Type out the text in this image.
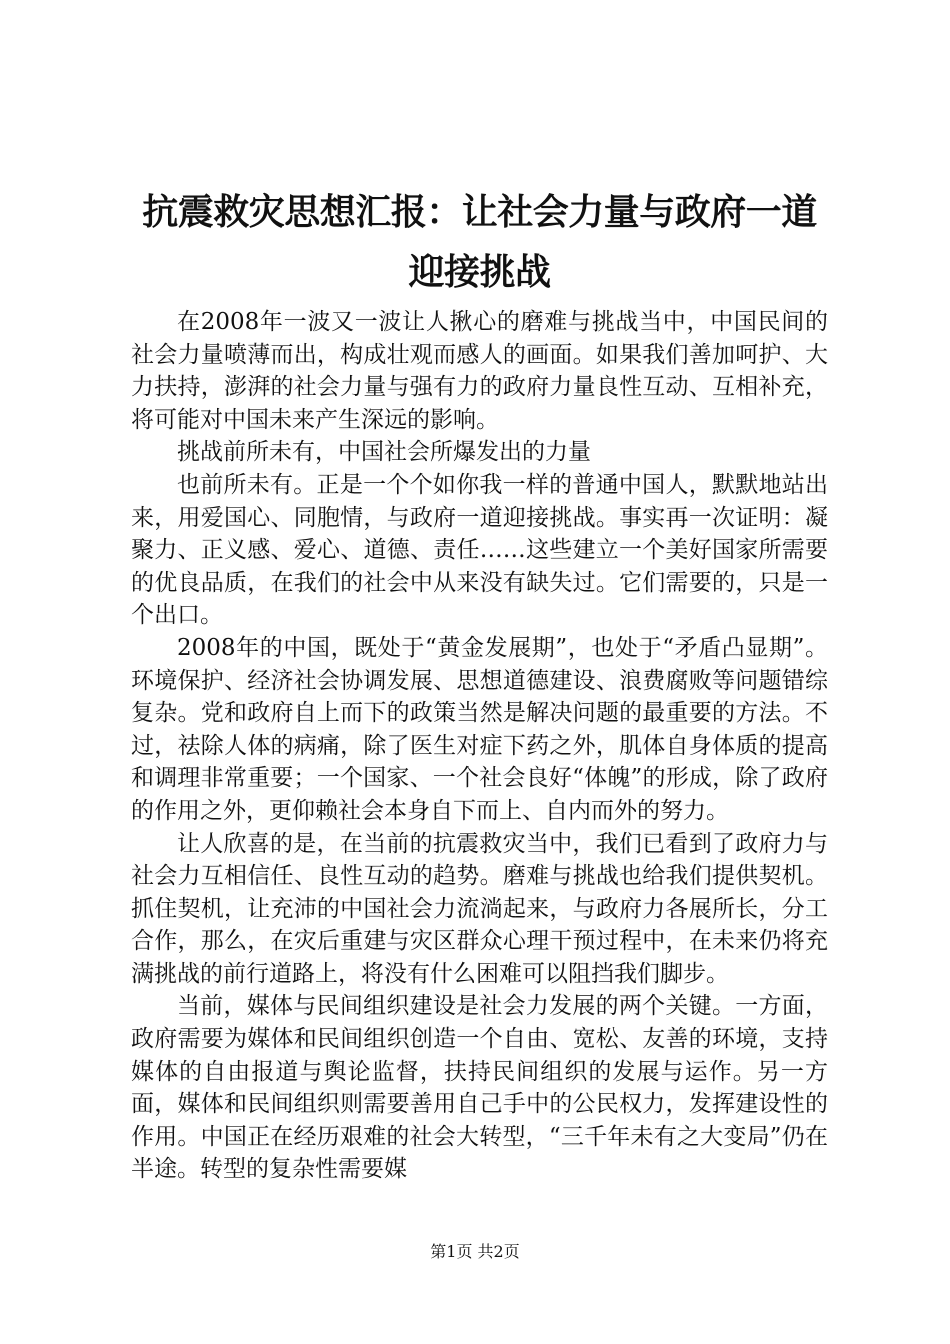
抗震救灾思想汇报：让社会力量与政府一道迎接挑战

在2008年一波又一波让人揪心的磨难与挑战当中，中国民间的社会力量喷薄而出，构成壮观而感人的画面。如果我们善加呵护、大力扶持，澎湃的社会力量与强有力的政府力量良性互动、互相补充，将可能对中国未来产生深远的影响。

挑战前所未有，中国社会所爆发出的力量

也前所未有。正是一个个如你我一样的普通中国人，默默地站出来，用爱国心、同胞情，与政府一道迎接挑战。事实再一次证明：凝聚力、正义感、爱心、道德、责任……这些建立一个美好国家所需要的优良品质，在我们的社会中从来没有缺失过。它们需要的，只是一个出口。

2008年的中国，既处于“黄金发展期”，也处于“矛盾凸显期”。环境保护、经济社会协调发展、思想道德建设、浪费腐败等问题错综复杂。党和政府自上而下的政策当然是解决问题的最重要的方法。不过，祛除人体的病痛，除了医生对症下药之外，肌体自身体质的提高和调理非常重要；一个国家、一个社会良好“体魄”的形成，除了政府的作用之外，更仰赖社会本身自下而上、自内而外的努力。

让人欣喜的是，在当前的抗震救灾当中，我们已看到了政府力与社会力互相信任、良性互动的趋势。磨难与挑战也给我们提供契机。抓住契机，让充沛的中国社会力流淌起来，与政府力各展所长，分工合作，那么，在灾后重建与灾区群众心理干预过程中，在未来仍将充满挑战的前行道路上，将没有什么困难可以阻挡我们脚步。

当前，媒体与民间组织建设是社会力发展的两个关键。一方面，政府需要为媒体和民间组织创造一个自由、宽松、友善的环境，支持媒体的自由报道与舆论监督，扶持民间组织的发展与运作。另一方面，媒体和民间组织则需要善用自己手中的公民权力，发挥建设性的作用。中国正在经历艰难的社会大转型，“三千年未有之大变局”仍在半途。转型的复杂性需要媒

第1页 共2页
